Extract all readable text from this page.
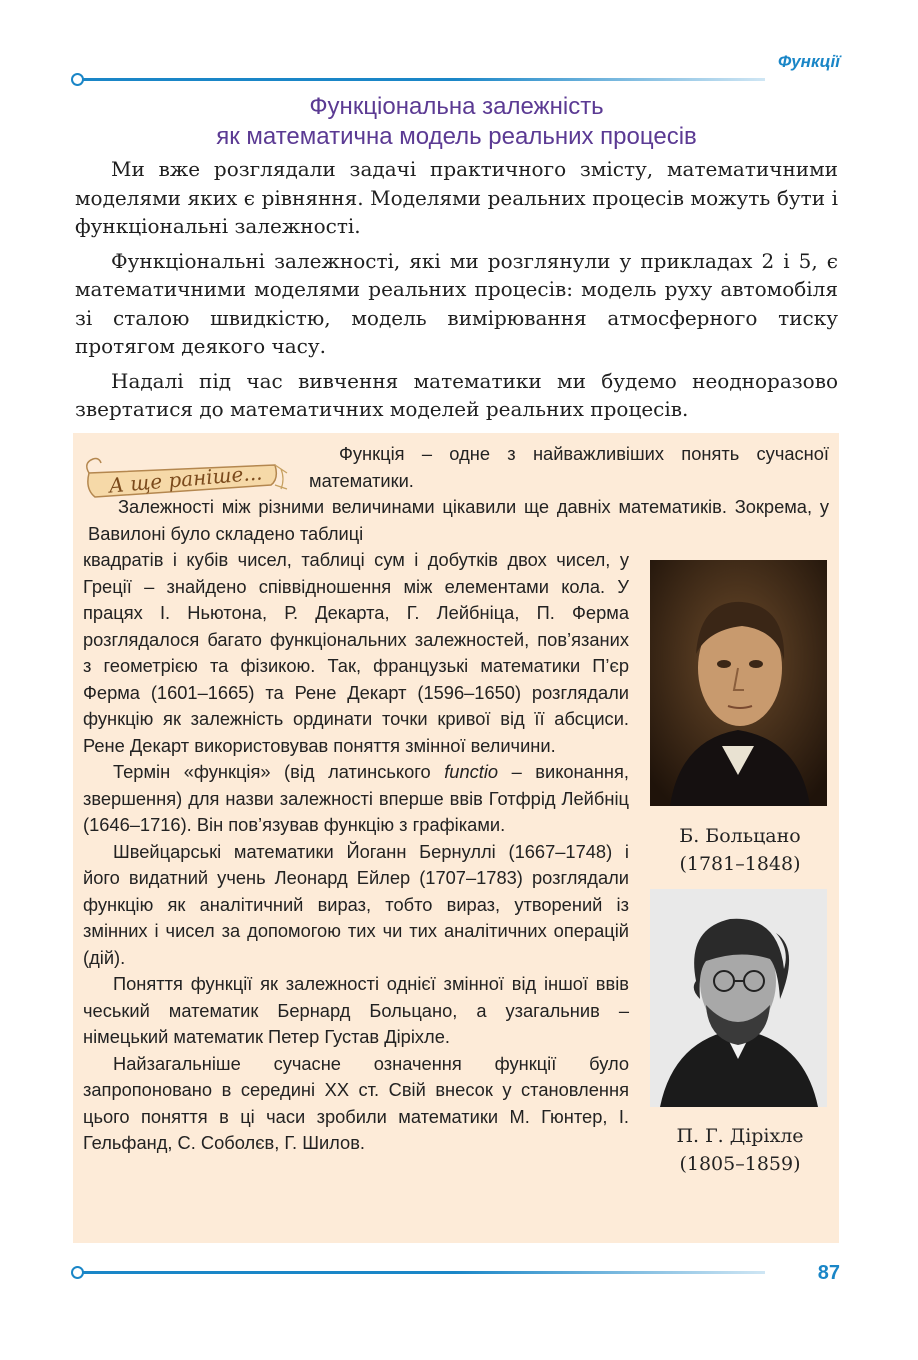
Функції
Функціональна залежність
як математична модель реальних процесів

Ми вже розглядали задачі практичного змісту, математичними моделями яких є рівняння. Моделями реальних процесів можуть бути і функціональні залежності.

Функціональні залежності, які ми розглянули у прикладах 2 і 5, є математичними моделями реальних процесів: модель руху автомобіля зі сталою швидкістю, модель вимірювання атмосферного тиску протягом деякого часу.

Надалі під час вивчення математики ми будемо неодноразово звертатися до математичних моделей реальних процесів.

А ще раніше...

Функція – одне з найважливіших понять сучасної математики.

Залежності між різними величинами цікавили ще давніх математиків. Зокрема, у Вавилоні було складено таблиці

квадратів і кубів чисел, таблиці сум і добутків двох чисел, у Греції – знайдено співвідношення між елементами кола. У працях І. Ньютона, Р. Декарта, Г. Лейбніца, П. Ферма розглядалося багато функціональних залежностей, пов’язаних з геометрією та фізикою. Так, французькі математики П’єр Ферма (1601–1665) та Рене Декарт (1596–1650) розглядали функцію як залежність ординати точки кривої від її абсциси. Рене Декарт використовував поняття змінної величини.

Термін «функція» (від латинського functio – виконання, звершення) для назви залежності вперше ввів Готфрід Лейбніц (1646–1716). Він пов’язував функцію з графіками.

Швейцарські математики Йоганн Бернуллі (1667–1748) і його видатний учень Леонард Ейлер (1707–1783) розглядали функцію як аналітичний вираз, тобто вираз, утворений із змінних і чисел за допомогою тих чи тих аналітичних операцій (дій).

Поняття функції як залежності однієї змінної від іншої ввів чеський математик Бернард Больцано, а узагальнив – німецький математик Петер Густав Діріхле.

Найзагальніше сучасне означення функції було запропоновано в середині XX ст. Свій внесок у становлення цього поняття в ці часи зробили математики М. Гюнтер, І. Гельфанд, С. Соболєв, Г. Шилов.

Б. Больцано
(1781–1848)
П. Г. Діріхле
(1805–1859)
87
